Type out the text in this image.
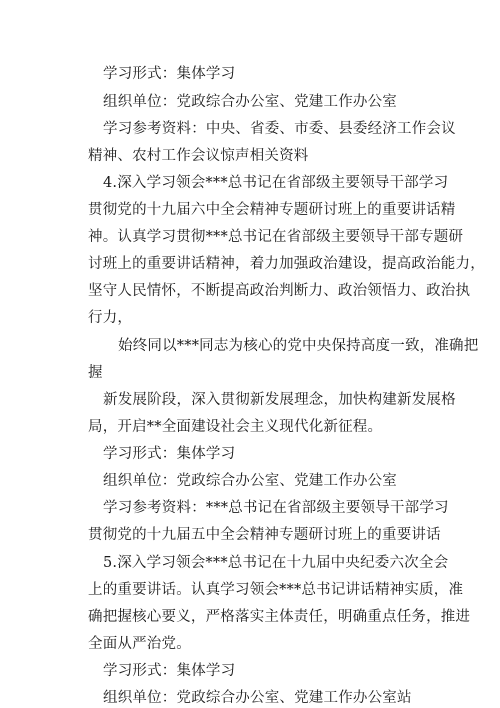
学习形式：集体学习
组织单位：党政综合办公室、党建工作办公室
学习参考资料：中央、省委、市委、县委经济工作会议
精神、农村工作会议惊声相关资料
4.深入学习领会***总书记在省部级主要领导干部学习
贯彻党的十九届六中全会精神专题研讨班上的重要讲话精
神。认真学习贯彻***总书记在省部级主要领导干部专题研
讨班上的重要讲话精神，着力加强政治建设，提高政治能力，
坚守人民情怀，不断提高政治判断力、政治领悟力、政治执
行力，
始终同以***同志为核心的党中央保持高度一致，准确把
握
新发展阶段，深入贯彻新发展理念，加快构建新发展格
局，开启**全面建设社会主义现代化新征程。
学习形式：集体学习
组织单位：党政综合办公室、党建工作办公室
学习参考资料：***总书记在省部级主要领导干部学习
贯彻党的十九届五中全会精神专题研讨班上的重要讲话
5.深入学习领会***总书记在十九届中央纪委六次全会
上的重要讲话。认真学习领会***总书记讲话精神实质，准
确把握核心要义，严格落实主体责任，明确重点任务，推进
全面从严治党。
学习形式：集体学习
组织单位：党政综合办公室、党建工作办公室站
